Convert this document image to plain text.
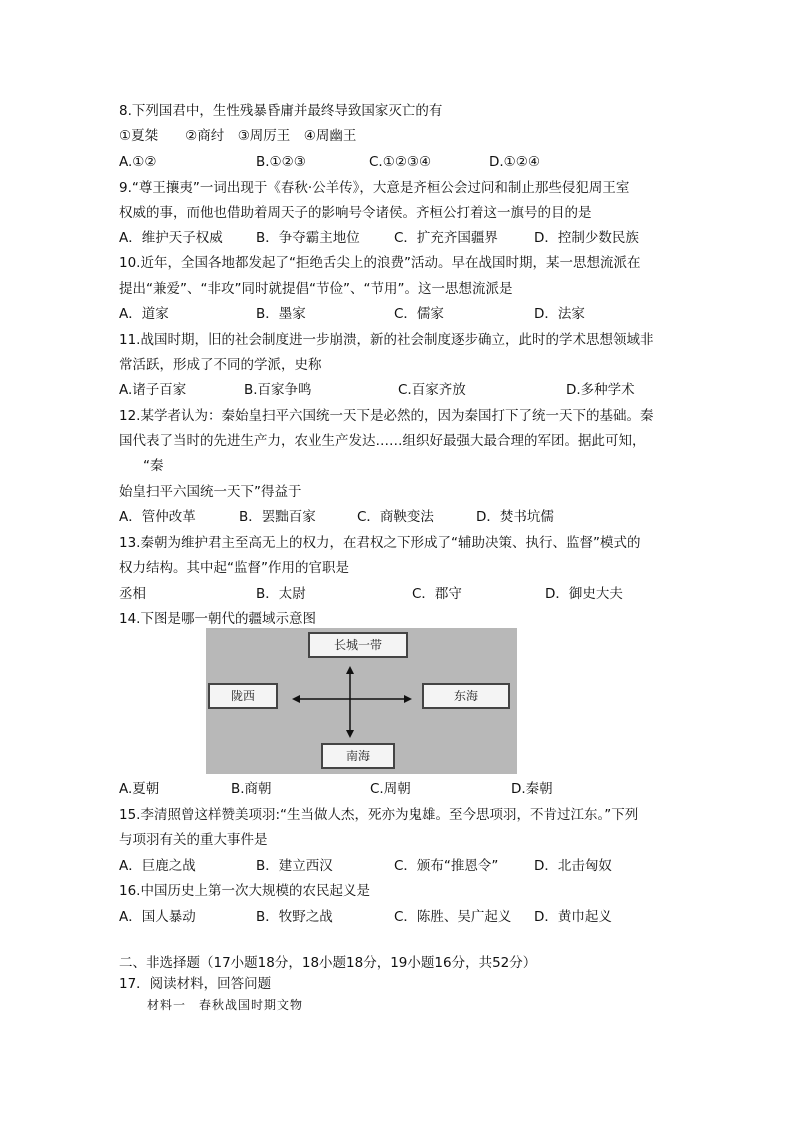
8.下列国君中，生性残暴昏庸并最终导致国家灭亡的有
①夏桀　　②商纣　③周厉王　④周幽王
A.①②	B.①②③	C.①②③④	D.①②④
9.“尊王攘夷”一词出现于《春秋·公羊传》，大意是齐桓公会过问和制止那些侵犯周王室
权威的事，而他也借助着周天子的影响号令诸侯。齐桓公打着这一旗号的目的是
A．维护天子权威 B．争夺霸主地位	C．扩充齐国疆界	D．控制少数民族
10.近年，全国各地都发起了“拒绝舌尖上的浪费”活动。早在战国时期，某一思想流派在
提出“兼爱”、“非攻”同时就提倡“节俭”、“节用”。这一思想流派是
A．道家	B．墨家	C．儒家	D．法家
11.战国时期，旧的社会制度进一步崩溃，新的社会制度逐步确立，此时的学术思想领域非
常活跃，形成了不同的学派，史称
A.诸子百家	B.百家争鸣	C.百家齐放	D.多种学术
12.某学者认为：秦始皇扫平六国统一天下是必然的，因为秦国打下了统一天下的基础。秦
国代表了当时的先进生产力，农业生产发达……组织好最强大最合理的军团。据此可知，
“秦
始皇扫平六国统一天下”得益于
A．管仲改革	B．罢黜百家	C．商鞅变法	D．焚书坑儒
13.秦朝为维护君主至高无上的权力，在君权之下形成了“辅助决策、执行、监督”模式的
权力结构。其中起“监督”作用的官职是
丞相	B．太尉	C．郡守	D．御史大夫
14.下图是哪一朝代的疆域示意图
长城一带
陇西	东海
南海
A.夏朝	B.商朝	C.周朝	D.秦朝
15.李清照曾这样赞美项羽:“生当做人杰，死亦为鬼雄。至今思项羽，不肯过江东。”下列
与项羽有关的重大事件是
A．巨鹿之战	B．建立西汉	C．颁布“推恩令”	D．北击匈奴
16.中国历史上第一次大规模的农民起义是
A．国人暴动	B．牧野之战	C．陈胜、吴广起义 D．黄巾起义
二、非选择题（17小题18分，18小题18分，19小题16分，共52分）
17．阅读材料，回答问题
材料一　春秋战国时期文物
